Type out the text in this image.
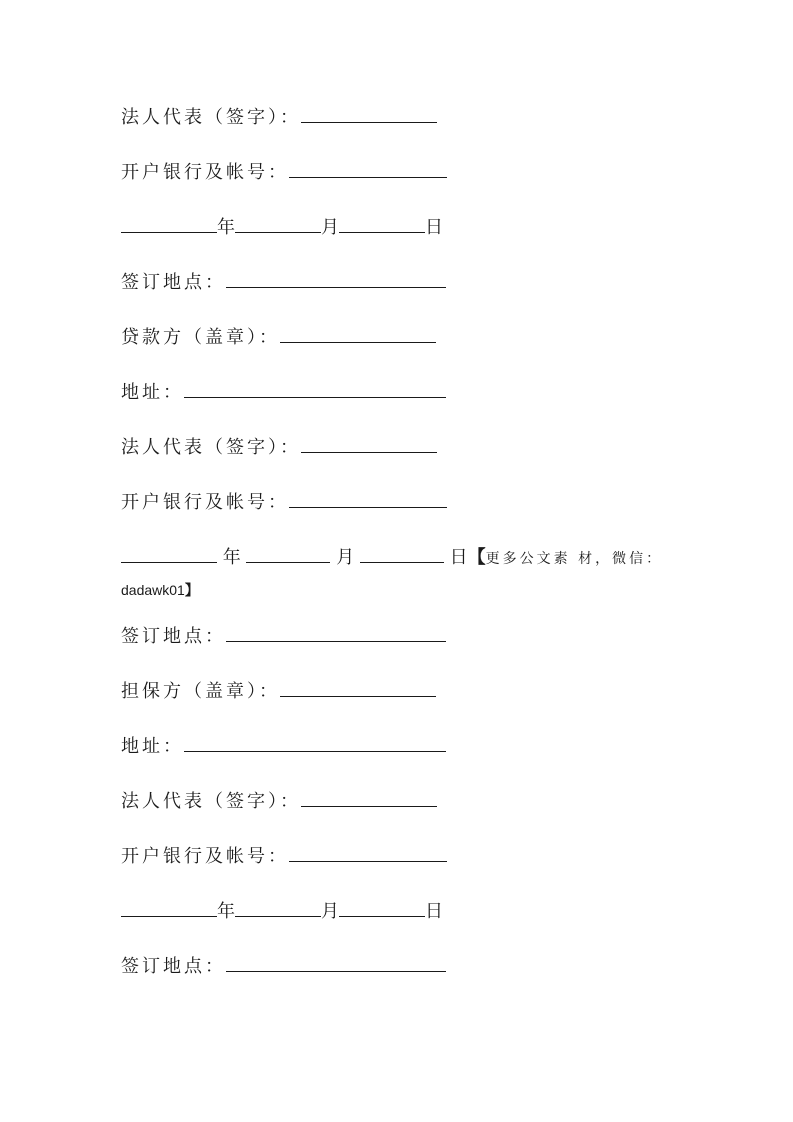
法人代表（签字）：
开户银行及帐号：
年	月	日
签订地点：
贷款方（盖章）：
地址：
法人代表（签字）：
开户银行及帐号：
年	月	日【更多公文素 材，微信：
dadawk01】
签订地点：
担保方（盖章）：
地址：
法人代表（签字）：
开户银行及帐号：
年	月	日
签订地点：
